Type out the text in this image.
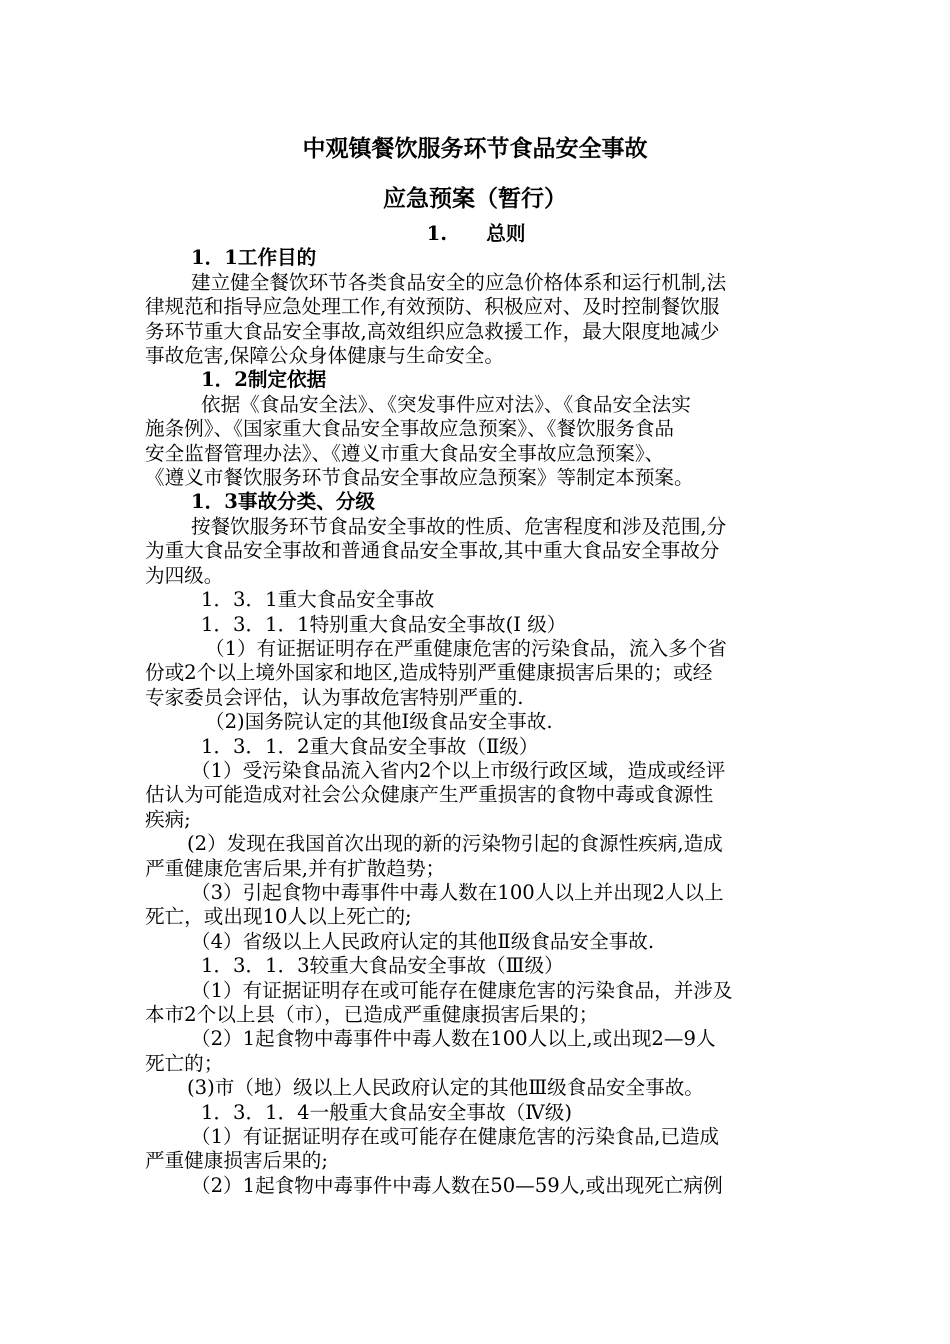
中观镇餐饮服务环节食品安全事故
应急预案（暂行）

1.　　总则

1．1工作目的

建立健全餐饮环节各类食品安全的应急价格体系和运行机制,法

律规范和指导应急处理工作,有效预防、积极应对、及时控制餐饮服

务环节重大食品安全事故,高效组织应急救援工作，最大限度地减少

事故危害,保障公众身体健康与生命安全。

1．2制定依据

依据《食品安全法》、《突发事件应对法》、《食品安全法实

施条例》、《国家重大食品安全事故应急预案》、《餐饮服务食品

安全监督管理办法》、《遵义市重大食品安全事故应急预案》、

《遵义市餐饮服务环节食品安全事故应急预案》等制定本预案。

1．3事故分类、分级

按餐饮服务环节食品安全事故的性质、危害程度和涉及范围,分

为重大食品安全事故和普通食品安全事故,其中重大食品安全事故分

为四级。

1．3．1重大食品安全事故

1．3．1．1特别重大食品安全事故(Ⅰ 级）

（1）有证据证明存在严重健康危害的污染食品，流入多个省

份或2个以上境外国家和地区,造成特别严重健康损害后果的；或经

专家委员会评估，认为事故危害特别严重的.

（2)国务院认定的其他Ⅰ级食品安全事故.

1．3．1．2重大食品安全事故（Ⅱ级）

（1）受污染食品流入省内2个以上市级行政区域，造成或经评

估认为可能造成对社会公众健康产生严重损害的食物中毒或食源性

疾病;

(2）发现在我国首次出现的新的污染物引起的食源性疾病,造成

严重健康危害后果,并有扩散趋势；

（3）引起食物中毒事件中毒人数在100人以上并出现2人以上

死亡，或出现10人以上死亡的;

（4）省级以上人民政府认定的其他Ⅱ级食品安全事故.

1．3．1．3较重大食品安全事故（Ⅲ级）

（1）有证据证明存在或可能存在健康危害的污染食品，并涉及

本市2个以上县（市），已造成严重健康损害后果的；

（2）1起食物中毒事件中毒人数在100人以上,或出现2—9人

死亡的；

(3)市（地）级以上人民政府认定的其他Ⅲ级食品安全事故。

1．3．1．4一般重大食品安全事故（Ⅳ级)

（1）有证据证明存在或可能存在健康危害的污染食品,已造成

严重健康损害后果的;

（2）1起食物中毒事件中毒人数在50—59人,或出现死亡病例
